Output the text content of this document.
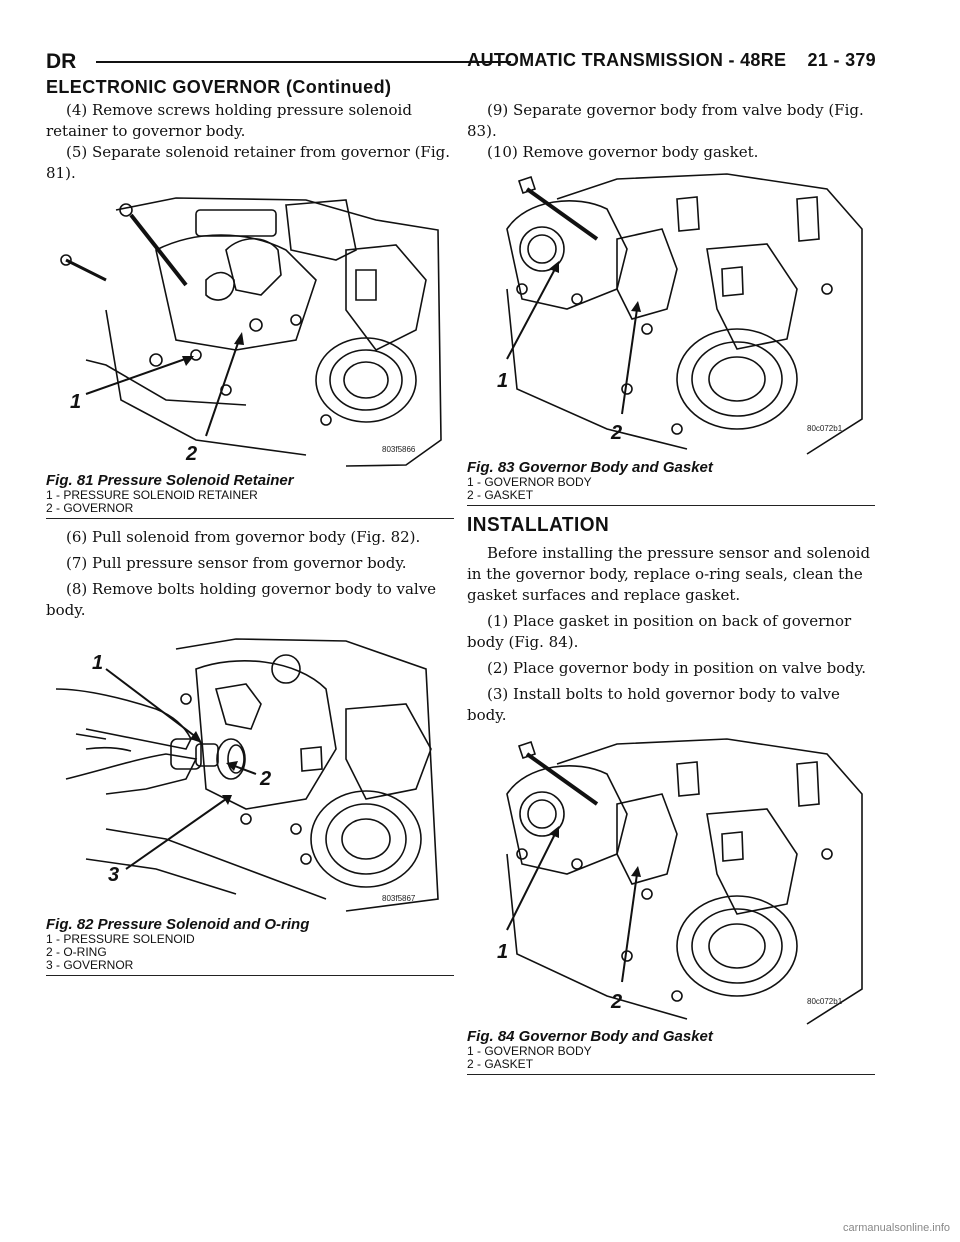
DR	AUTOMATIC TRANSMISSION - 48RE 21 - 379
ELECTRONIC GOVERNOR (Continued)

(4) Remove screws holding pressure solenoid retainer to governor body.

(5) Separate solenoid retainer from governor (Fig. 81).

1
2	803f5866
Fig. 81 Pressure Solenoid Retainer
1 - PRESSURE SOLENOID RETAINER
2 - GOVERNOR

(6) Pull solenoid from governor body (Fig. 82).

(7) Pull pressure sensor from governor body.

(8) Remove bolts holding governor body to valve body.

1
2
3
803f5867
Fig. 82 Pressure Solenoid and O-ring
1 - PRESSURE SOLENOID
2 - O-RING
3 - GOVERNOR

(9) Separate governor body from valve body (Fig. 83).

(10) Remove governor body gasket.

1
2	80c072b1
Fig. 83 Governor Body and Gasket
1 - GOVERNOR BODY
2 - GASKET
INSTALLATION

Before installing the pressure sensor and solenoid in the governor body, replace o-ring seals, clean the gasket surfaces and replace gasket.

(1) Place gasket in position on back of governor body (Fig. 84).

(2) Place governor body in position on valve body.

(3) Install bolts to hold governor body to valve body.

1
2	80c072b1
Fig. 84 Governor Body and Gasket
1 - GOVERNOR BODY
2 - GASKET
carmanualsonline.info
